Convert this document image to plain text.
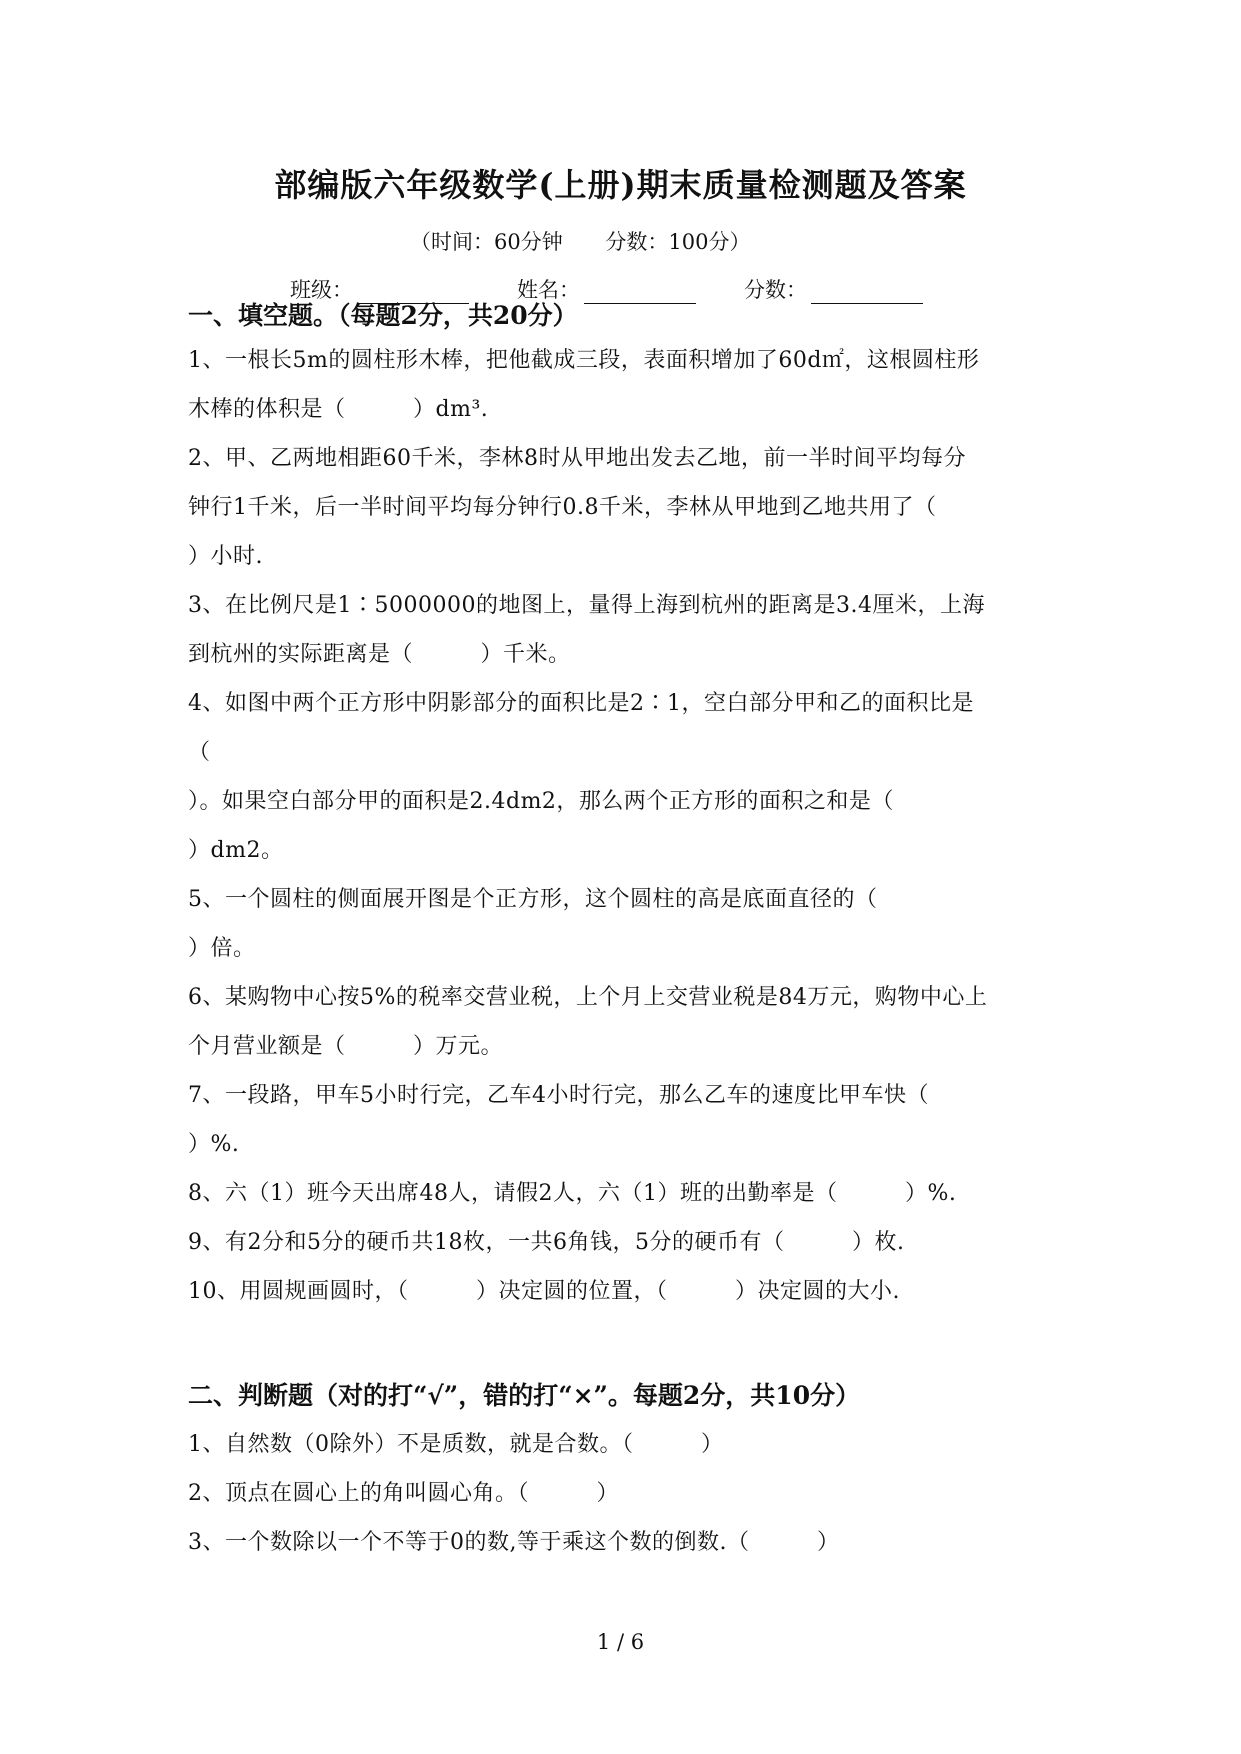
部编版六年级数学(上册)期末质量检测题及答案
（时间：60分钟 分数：100分）
班级：	姓名：	分数：
一、填空题。（每题2分，共20分）
1、一根长5m的圆柱形木棒，把他截成三段，表面积增加了60d㎡，这根圆柱形
木棒的体积是（　　　）dm³.
2、甲、乙两地相距60千米，李林8时从甲地出发去乙地，前一半时间平均每分
钟行1千米，后一半时间平均每分钟行0.8千米，李林从甲地到乙地共用了（
）小时.
3、在比例尺是1∶5000000的地图上，量得上海到杭州的距离是3.4厘米，上海
到杭州的实际距离是（　　　）千米。
4、如图中两个正方形中阴影部分的面积比是2∶1，空白部分甲和乙的面积比是
（
）。如果空白部分甲的面积是2.4dm2，那么两个正方形的面积之和是（
）dm2。
5、一个圆柱的侧面展开图是个正方形，这个圆柱的高是底面直径的（
）倍。
6、某购物中心按5%的税率交营业税，上个月上交营业税是84万元，购物中心上
个月营业额是（　　　）万元。
7、一段路，甲车5小时行完，乙车4小时行完，那么乙车的速度比甲车快（
）%.
8、六（1）班今天出席48人，请假2人，六（1）班的出勤率是（　　　）%.
9、有2分和5分的硬币共18枚，一共6角钱，5分的硬币有（　　　）枚.
10、用圆规画圆时，（　　　）决定圆的位置，（　　　）决定圆的大小.
二、判断题（对的打“√”，错的打“×”。每题2分，共10分）
1、自然数（0除外）不是质数，就是合数。（　　　）
2、顶点在圆心上的角叫圆心角。（　　　）
3、一个数除以一个不等于0的数,等于乘这个数的倒数.（　　　）
1 / 6
